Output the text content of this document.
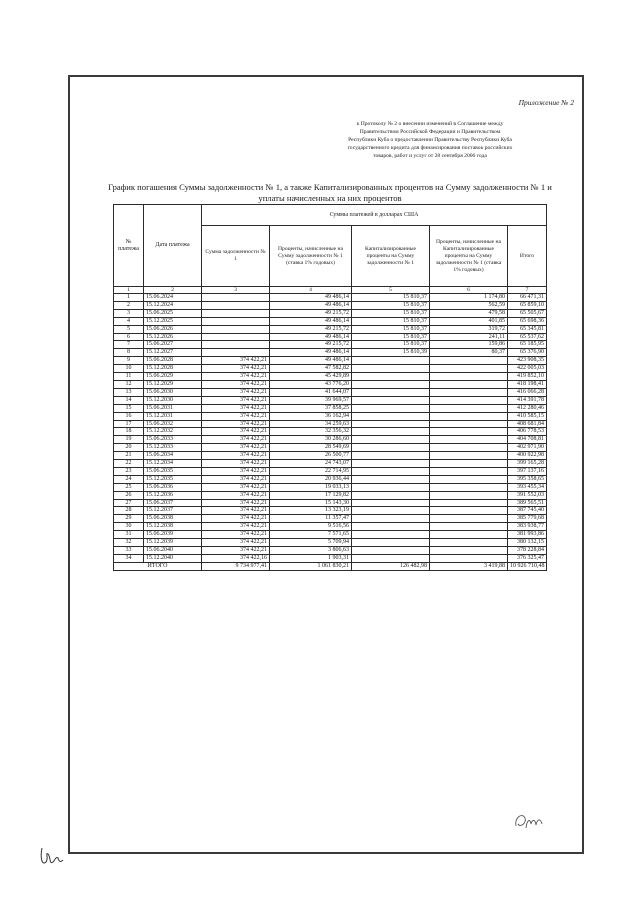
Приложение № 2
к Протоколу № 2 о внесении изменений в Соглашение между
Правительством Российской Федерации и Правительством
Республики Куба о предоставлении Правительству Республики Куба
государственного кредита для финансирования поставок российских
товаров, работ и услуг от 28 сентября 2006 года
График погашения Суммы задолженности № 1, а также Капитализированных процентов на Сумму задолженности № 1 и
уплаты начисленных на них процентов
№ платежа	Дата платежа	Суммы платежей в долларах США				
		Сумма задолженности № 1	Проценты, начисленные на Сумму задолженности № 1 (ставка 1% годовых)	Капитализированные проценты на Сумму задолженности № 1	Проценты, начисленные на Капитализированные проценты на Сумму задолженности № 1 (ставка 1% годовых)	Итого
1	2	3	4	5	6	7
1	15.06.2024		49 486,14	15 810,37	1 174,80	66 471,31
2	15.12.2024		49 486,14	15 810,37	562,59	65 859,10
3	15.06.2025		49 215,72	15 810,37	479,58	65 505,67
4	15.12.2025		49 486,14	15 810,37	401,85	65 698,36
5	15.06.2026		49 215,72	15 810,37	319,72	65 345,81
6	15.12.2026		49 486,14	15 810,37	241,11	65 537,62
7	15.06.2027		49 215,72	15 810,37	159,86	65 185,95
8	15.12.2027		49 486,14	15 810,39	80,37	65 376,90
9	15.06.2028	374 422,21	49 486,14			423 908,35
10	15.12.2028	374 422,21	47 582,82			422 005,03
11	15.06.2029	374 422,21	45 429,89			419 852,10
12	15.12.2029	374 422,21	43 776,20			418 198,41
13	15.06.2030	374 422,21	41 644,07			416 066,28
14	15.12.2030	374 422,21	39 969,57			414 391,78
15	15.06.2031	374 422,21	37 858,25			412 280,46
16	15.12.2031	374 422,21	36 162,94			410 585,15
17	15.06.2032	374 422,21	34 259,63			408 681,84
18	15.12.2032	374 422,21	32 356,32			406 778,53
19	15.06.2033	374 422,21	30 286,60			404 708,81
20	15.12.2033	374 422,21	28 549,69			402 971,90
21	15.06.2034	374 422,21	26 500,77			400 922,98
22	15.12.2034	374 422,21	24 743,07			399 165,28
23	15.06.2035	374 422,21	22 714,95			397 137,16
24	15.12.2035	374 422,21	20 936,44			395 358,65
25	15.06.2036	374 422,21	19 033,13			393 455,34
26	15.12.2036	374 422,21	17 129,82			391 552,03
27	15.06.2037	374 422,21	15 143,30			389 565,51
28	15.12.2037	374 422,21	13 323,19			387 745,40
29	15.06.2038	374 422,21	11 357,47			385 779,68
30	15.12.2038	374 422,21	9 516,56			383 938,77
31	15.06.2039	374 422,21	7 571,65			381 993,86
32	15.12.2039	374 422,21	5 709,94			380 132,15
33	15.06.2040	374 422,21	3 806,63			378 228,84
34	15.12.2040	374 422,16	1 903,31			376 325,47
ИТОГО		9 734 977,41	1 061 830,21	126 482,98	3 419,88	10 926 710,48
